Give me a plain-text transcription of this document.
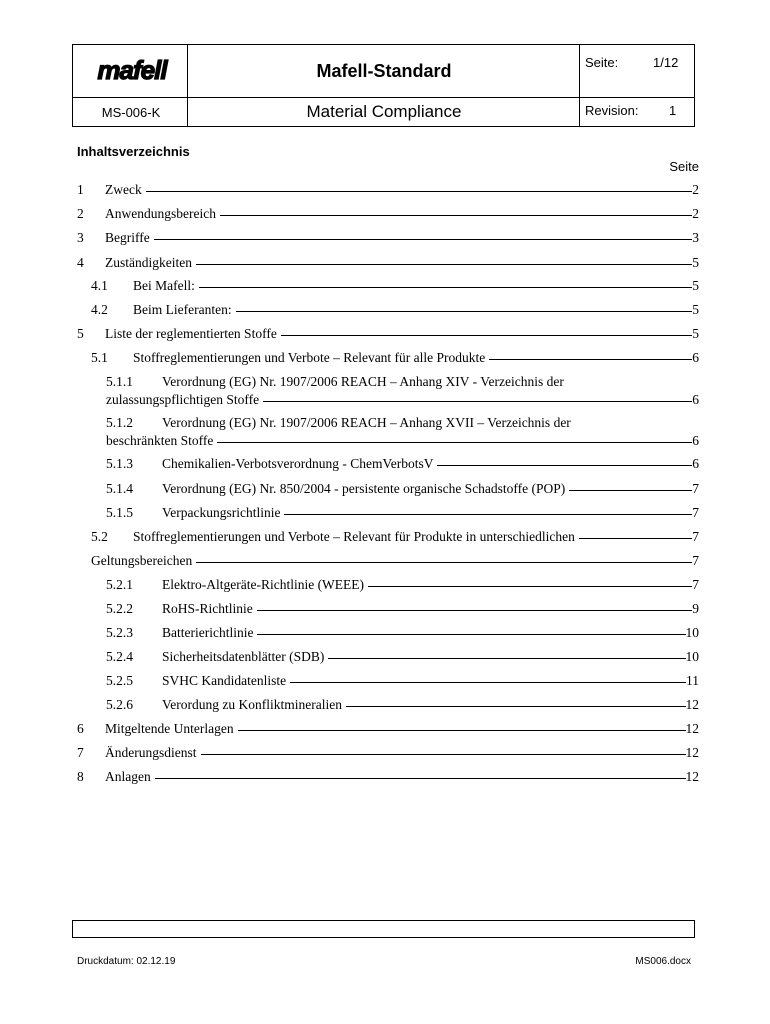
mafell	Mafell-Standard
MS-006-K	Material Compliance
Seite:	1/12
Revision: 1
Inhaltsverzeichnis
Seite
1	Zweck	2
2	Anwendungsbereich	2
3	Begriffe	3
4	Zuständigkeiten	5
4.1	Bei Mafell:	5
4.2	Beim Lieferanten:	5
5	Liste der reglementierten Stoffe	5
5.1	Stoffreglementierungen und Verbote – Relevant für alle Produkte	6
5.1.1 Verordnung (EG) Nr. 1907/2006 REACH – Anhang XIV - Verzeichnis der
zulassungspflichtigen Stoffe	6
5.1.2 Verordnung (EG) Nr. 1907/2006 REACH – Anhang XVII – Verzeichnis der
beschränkten Stoffe	6
5.1.3	Chemikalien-Verbotsverordnung - ChemVerbotsV	6
5.1.4	Verordnung (EG) Nr. 850/2004 - persistente organische Schadstoffe (POP)	7
5.1.5	Verpackungsrichtlinie	7
5.2	Stoffreglementierungen und Verbote – Relevant für Produkte in unterschiedlichen	7
Geltungsbereichen	7
5.2.1	Elektro-Altgeräte-Richtlinie (WEEE)	7
5.2.2	RoHS-Richtlinie	9
5.2.3	Batterierichtlinie	10
5.2.4	Sicherheitsdatenblätter (SDB)	10
5.2.5	SVHC Kandidatenliste	11
5.2.6	Verordung zu Konfliktmineralien	12
6	Mitgeltende Unterlagen	12
7	Änderungsdienst	12
8	Anlagen	12
Druckdatum: 02.12.19	MS006.docx
